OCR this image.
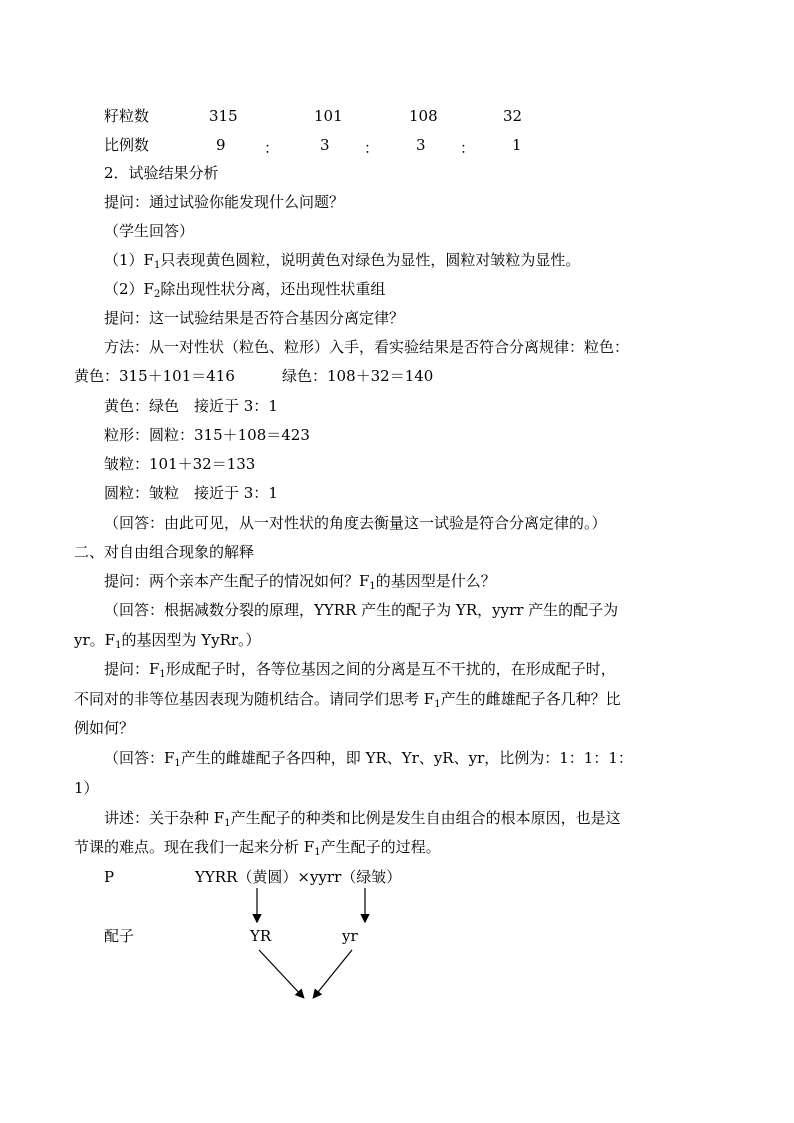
籽粒数	315	101	108	32
比例数	9	：	3 ： 3 ： 1
2．试验结果分析
提问：通过试验你能发现什么问题？
（学生回答）
$(1)F_1$只表现黄色圆粒，说明黄色对绿色为显性，圆粒对皱粒为显性。
$(2)F_2$除出现性状分离，还出现性状重组
提问：这一试验结果是否符合基因分离定律？
方法：从一对性状（粒色、粒形）入手，看实验结果是否符合分离规律：粒色：
黄色：315＋101＝416	绿色：108＋32＝140
黄色：绿色　接近于 3：1
粒形：圆粒：315＋108＝423
皱粒：101＋32＝133
圆粒：皱粒　接近于 3：1
（回答：由此可见，从一对性状的角度去衡量这一试验是符合分离定律的。）
二、对自由组合现象的解释
提问：两个亲本产生配子的情况如何？$F_1$的基因型是什么？
（回答：根据减数分裂的原理，YYRR 产生的配子为 YR，yyrr 产生的配子为
yr。$F_1$的基因型为 YyRr。）
提问：$F_1$形成配子时，各等位基因之间的分离是互不干扰的，在形成配子时，
不同对的非等位基因表现为随机结合。请同学们思考 $F_1$产生的雌雄配子各几种？比
例如何？
（回答：$F_1$产生的雌雄配子各四种，即 YR、Yr、yR、yr，比例为：1：1：1：
1）
讲述：关于杂种 $F_1$产生配子的种类和比例是发生自由组合的根本原因，也是这
节课的难点。现在我们一起来分析 $F_1$产生配子的过程。
P	YYRR（黄圆）×yyrr（绿皱）
配子	YR	yr
